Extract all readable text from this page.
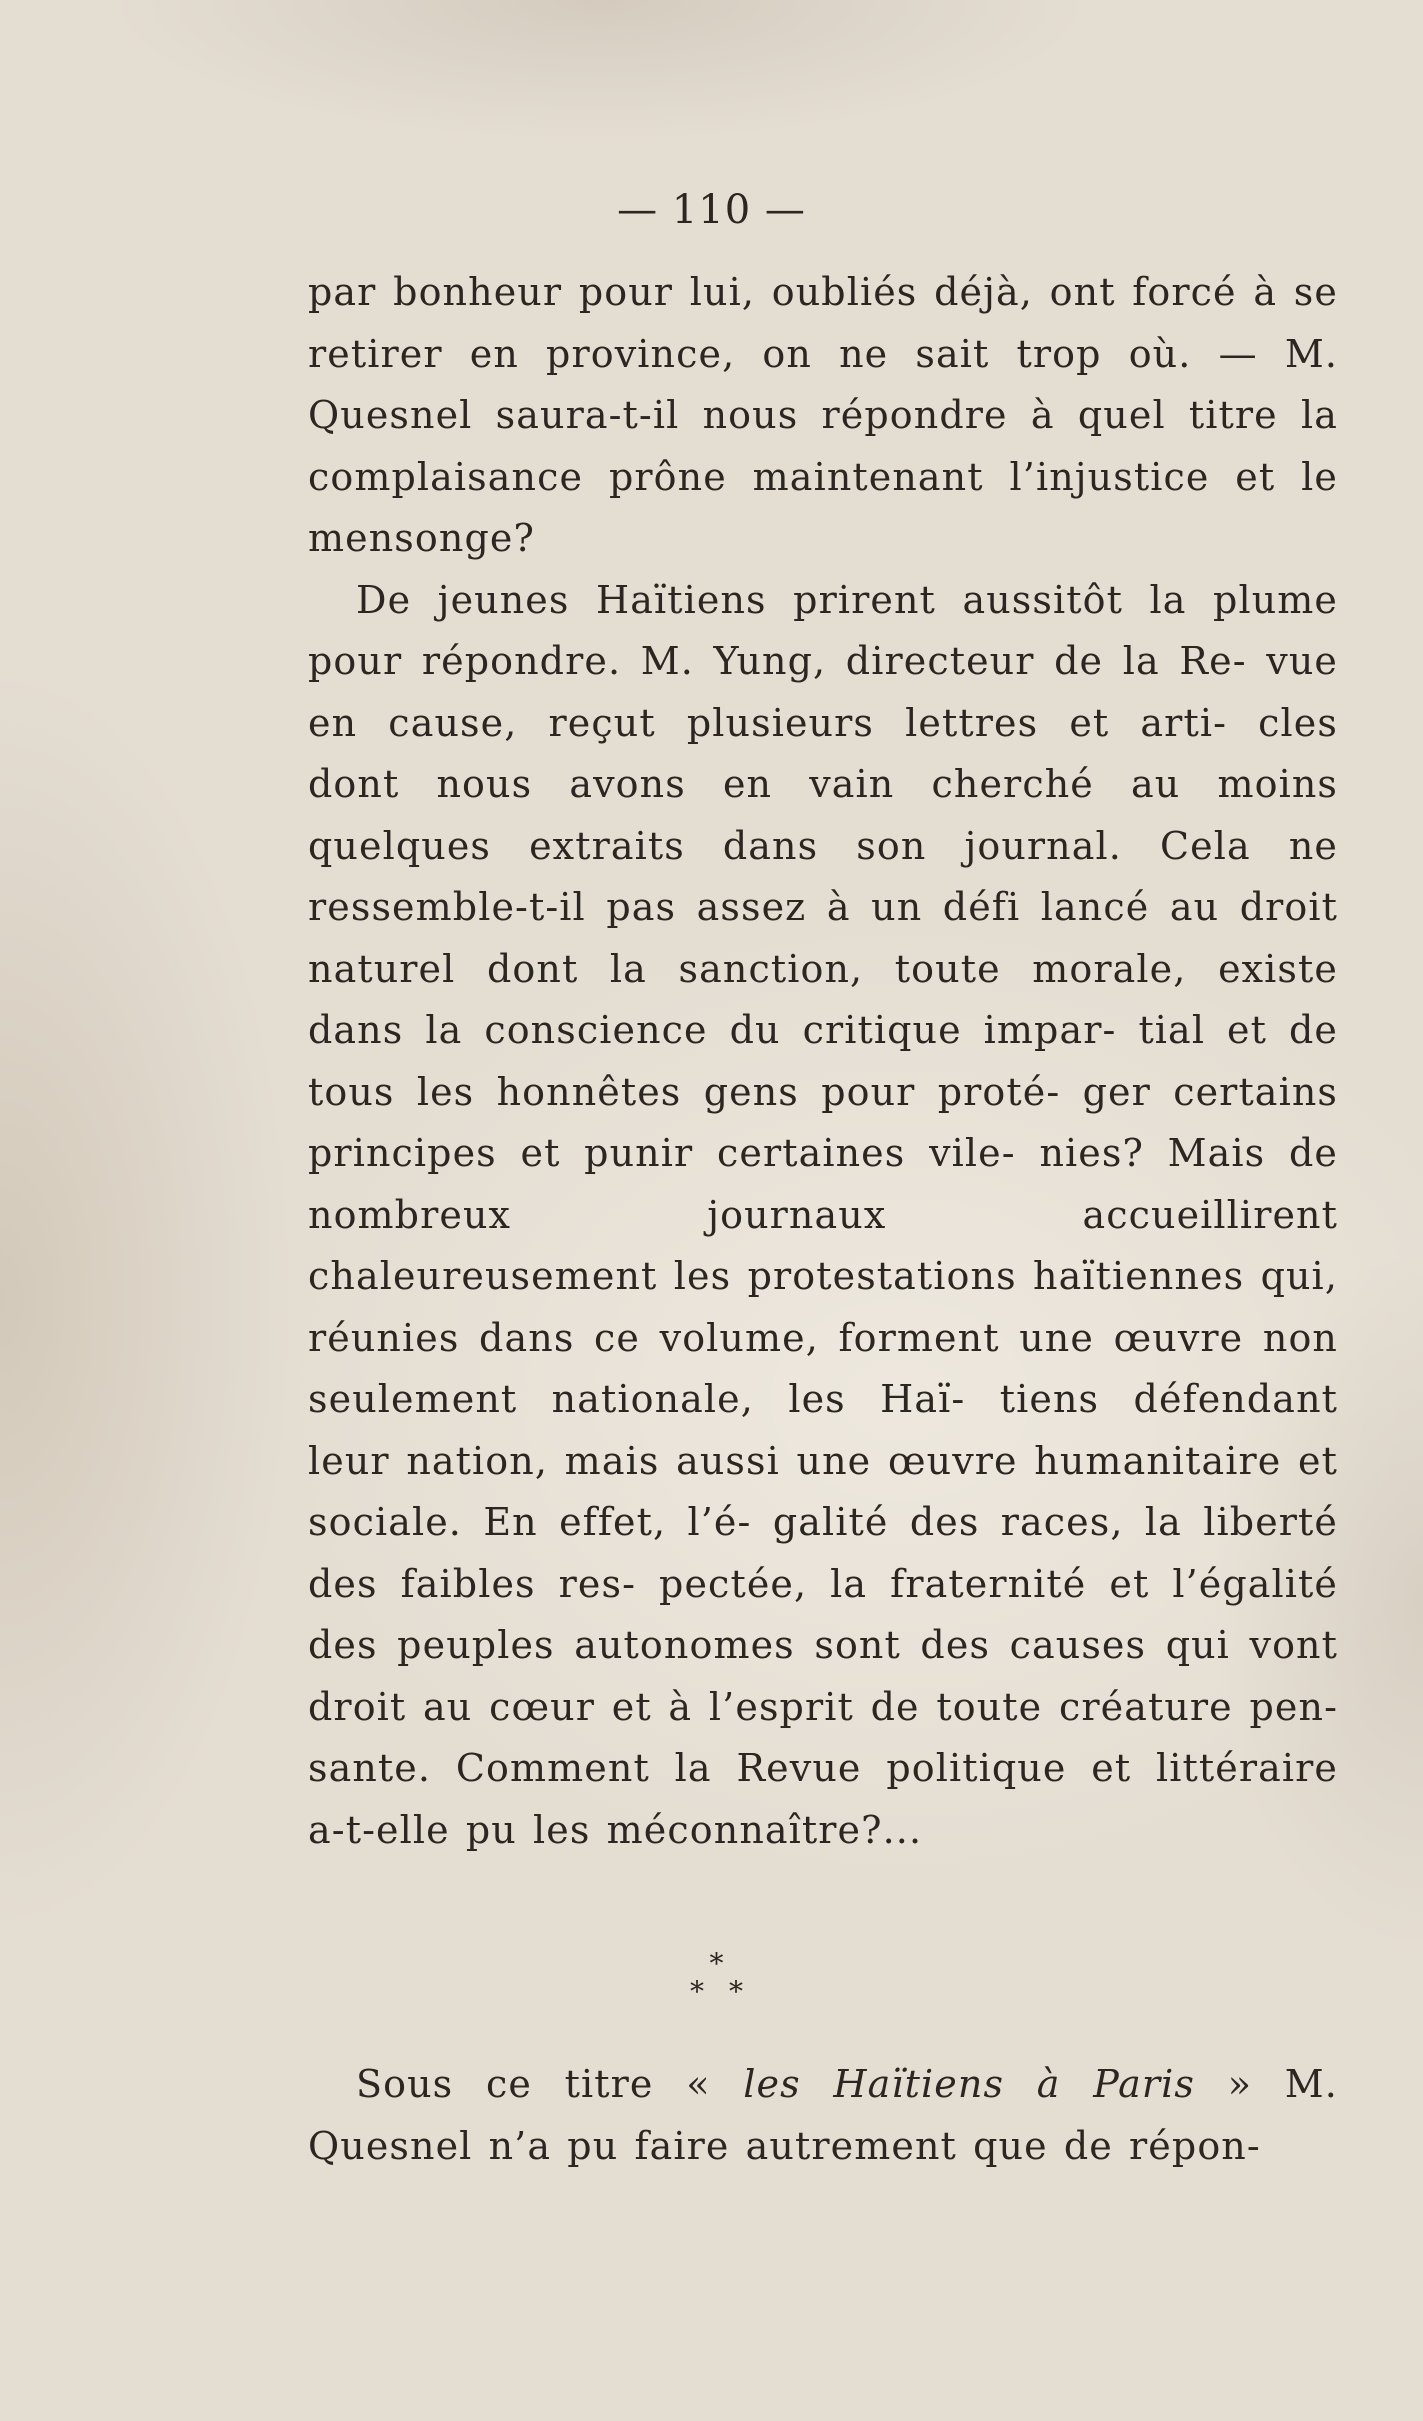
— 110 —

par bonheur pour lui, oubliés déjà, ont forcé à se retirer en province, on ne sait trop où. — M. Quesnel saura-t-il nous répondre à quel titre la complaisance prône maintenant l’injustice et le mensonge?

De jeunes Haïtiens prirent aussitôt la plume pour répondre. M. Yung, directeur de la Re- vue en cause, reçut plusieurs lettres et arti- cles dont nous avons en vain cherché au moins quelques extraits dans son journal. Cela ne ressemble-t-il pas assez à un défi lancé au droit naturel dont la sanction, toute morale, existe dans la conscience du critique impar- tial et de tous les honnêtes gens pour proté- ger certains principes et punir certaines vile- nies? Mais de nombreux journaux accueillirent chaleureusement les protestations haïtiennes qui, réunies dans ce volume, forment une œuvre non seulement nationale, les Haï- tiens défendant leur nation, mais aussi une œuvre humanitaire et sociale. En effet, l’é- galité des races, la liberté des faibles res- pectée, la fraternité et l’égalité des peuples autonomes sont des causes qui vont droit au cœur et à l’esprit de toute créature pen- sante. Comment la Revue politique et littéraire a-t-elle pu les méconnaître?...

*
* *

Sous ce titre « les Haïtiens à Paris » M. Quesnel n’a pu faire autrement que de répon-
